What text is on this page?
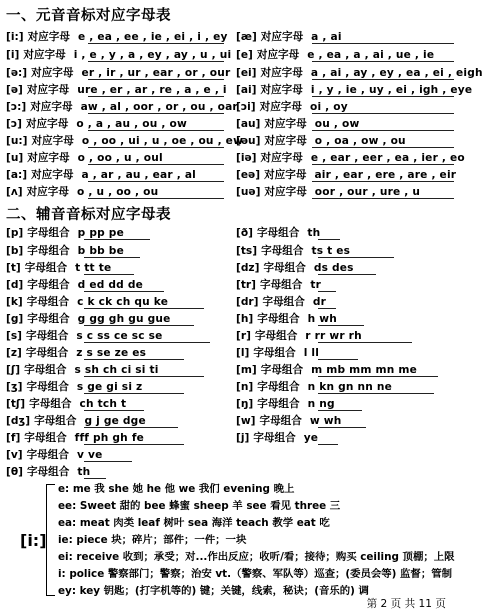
一、元音音标对应字母表
[i:] 对应字母 e , ea , ee , ie , ei , i , ey
[i] 对应字母 i , e , y , a , ey , ay , u , ui
[ə:] 对应字母 er , ir , ur , ear , or , our
[ə] 对应字母 ure , er , ar , re , a , e , i
[ɔ:] 对应字母 aw , al , oor , or , ou , oar
[ɔ] 对应字母 o , a , au , ou , ow
[u:] 对应字母 o , oo , ui , u , oe , ou , ew
[u] 对应字母 o , oo , u , oul
[a:] 对应字母 a , ar , au , ear , al
[ʌ] 对应字母 o , u , oo , ou
[æ] 对应字母 a , ai
[e] 对应字母 e , ea , a , ai , ue , ie
[ei] 对应字母 a , ai , ay , ey , ea , ei , eigh
[ai] 对应字母 i , y , ie , uy , ei , igh , eye
[ɔi] 对应字母 oi , oy
[au] 对应字母 ou , ow
[əu] 对应字母 o , oa , ow , ou
[iə] 对应字母 e , ear , eer , ea , ier , eo
[eə] 对应字母 air , ear , ere , are , eir
[uə] 对应字母 oor , our , ure , u
二、辅音音标对应字母表
[p] 字母组合 p pp pe
[b] 字母组合 b bb be
[t] 字母组合 t tt te
[d] 字母组合 d ed dd de
[k] 字母组合 c k ck ch qu ke
[g] 字母组合 g gg gh gu gue
[s] 字母组合 s c ss ce sc se
[z] 字母组合 z s se ze es
[ʃ] 字母组合 s sh ch ci si ti
[ʒ] 字母组合 s ge gi si z
[tʃ] 字母组合 ch tch t
[dʒ] 字母组合 g j ge dge
[f] 字母组合 fff ph gh fe
[v] 字母组合 v ve
[θ] 字母组合 th
[ð] 字母组合 th
[ts] 字母组合 ts t es
[dz] 字母组合 ds des
[tr] 字母组合 tr
[dr] 字母组合 dr
[h] 字母组合 h wh
[r] 字母组合 r rr wr rh
[l] 字母组合 l ll
[m] 字母组合 m mb mm mn me
[n] 字母组合 n kn gn nn ne
[ŋ] 字母组合 n ng
[w] 字母组合 w wh
[j] 字母组合 ye
[i:]
e: me 我 she 她 he 他 we 我们 evening 晚上
ee: Sweet 甜的 bee 蜂蜜 sheep 羊 see 看见 three 三
ea: meat 肉类 leaf 树叶 sea 海洋 teach 教学 eat 吃
ie: piece 块；碎片；部件；一件；一块
ei: receive 收到；承受；对...作出反应；收听/看；接待；购买 ceiling 顶棚；上限
i: police 警察部门；警察；治安 vt.（警察、军队等）巡查；(委员会等) 监督；管制
ey: key 钥匙；(打字机等的) 键；关键，线索，秘诀；(音乐的) 调
第 2 页 共 11 页
